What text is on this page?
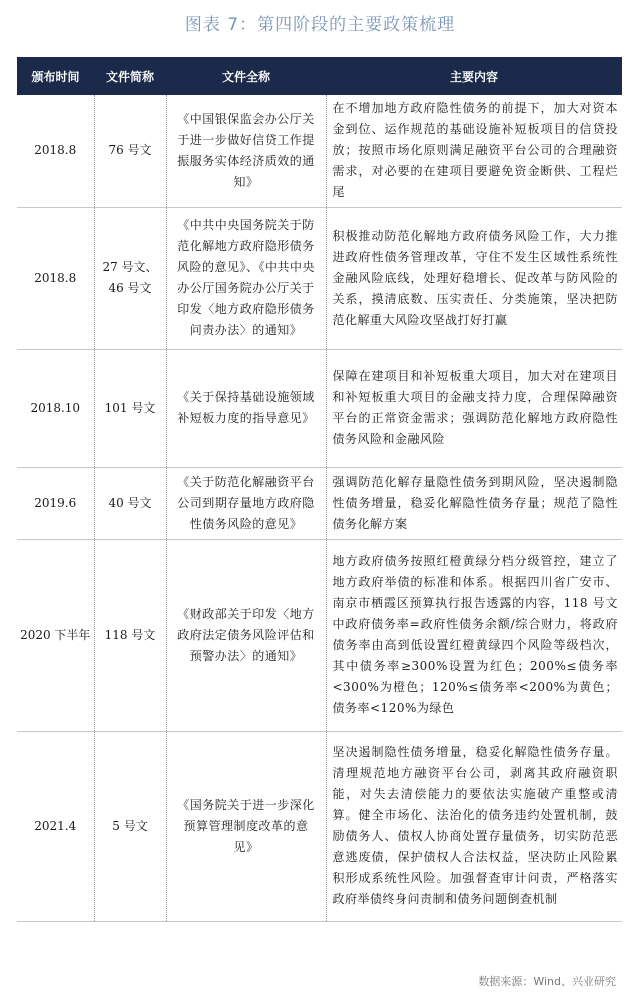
图表 7：第四阶段的主要政策梳理
颁布时间	文件简称	文件全称	主要内容
2018.8	76 号文	《中国银保监会办公厅关于进一步做好信贷工作提振服务实体经济质效的通知》	在不增加地方政府隐性债务的前提下，加大对资本金到位、运作规范的基础设施补短板项目的信贷投放；按照市场化原则满足融资平台公司的合理融资需求，对必要的在建项目要避免资金断供、工程烂尾
2018.8	27 号文、46 号文	《中共中央国务院关于防范化解地方政府隐形债务风险的意见》、《中共中央办公厅国务院办公厅关于印发〈地方政府隐形债务问责办法〉的通知》	积极推动防范化解地方政府债务风险工作，大力推进政府性债务管理改革，守住不发生区域性系统性金融风险底线，处理好稳增长、促改革与防风险的关系，摸清底数、压实责任、分类施策，坚决把防范化解重大风险攻坚战打好打赢
2018.10	101 号文	《关于保持基础设施领域补短板力度的指导意见》	保障在建项目和补短板重大项目，加大对在建项目和补短板重大项目的金融支持力度，合理保障融资平台的正常资金需求；强调防范化解地方政府隐性债务风险和金融风险
2019.6	40 号文	《关于防范化解融资平台公司到期存量地方政府隐性债务风险的意见》	强调防范化解存量隐性债务到期风险，坚决遏制隐性债务增量，稳妥化解隐性债务存量；规范了隐性债务化解方案
2020 下半年	118 号文	《财政部关于印发〈地方政府法定债务风险评估和预警办法〉的通知》	地方政府债务按照红橙黄绿分档分级管控，建立了地方政府举债的标准和体系。根据四川省广安市、南京市栖霞区预算执行报告透露的内容，118 号文中政府债务率=政府性债务余额/综合财力，将政府债务率由高到低设置红橙黄绿四个风险等级档次，其中债务率≥300%设置为红色；200%≤债务率<300%为橙色；120%≤债务率<200%为黄色；债务率<120%为绿色
2021.4	5 号文	《国务院关于进一步深化预算管理制度改革的意见》	坚决遏制隐性债务增量，稳妥化解隐性债务存量。清理规范地方融资平台公司，剥离其政府融资职能，对失去清偿能力的要依法实施破产重整或清算。健全市场化、法治化的债务违约处置机制，鼓励债务人、债权人协商处置存量债务，切实防范恶意逃废债，保护债权人合法权益，坚决防止风险累积形成系统性风险。加强督查审计问责，严格落实政府举债终身问责制和债务问题倒查机制
数据来源：Wind、兴业研究
